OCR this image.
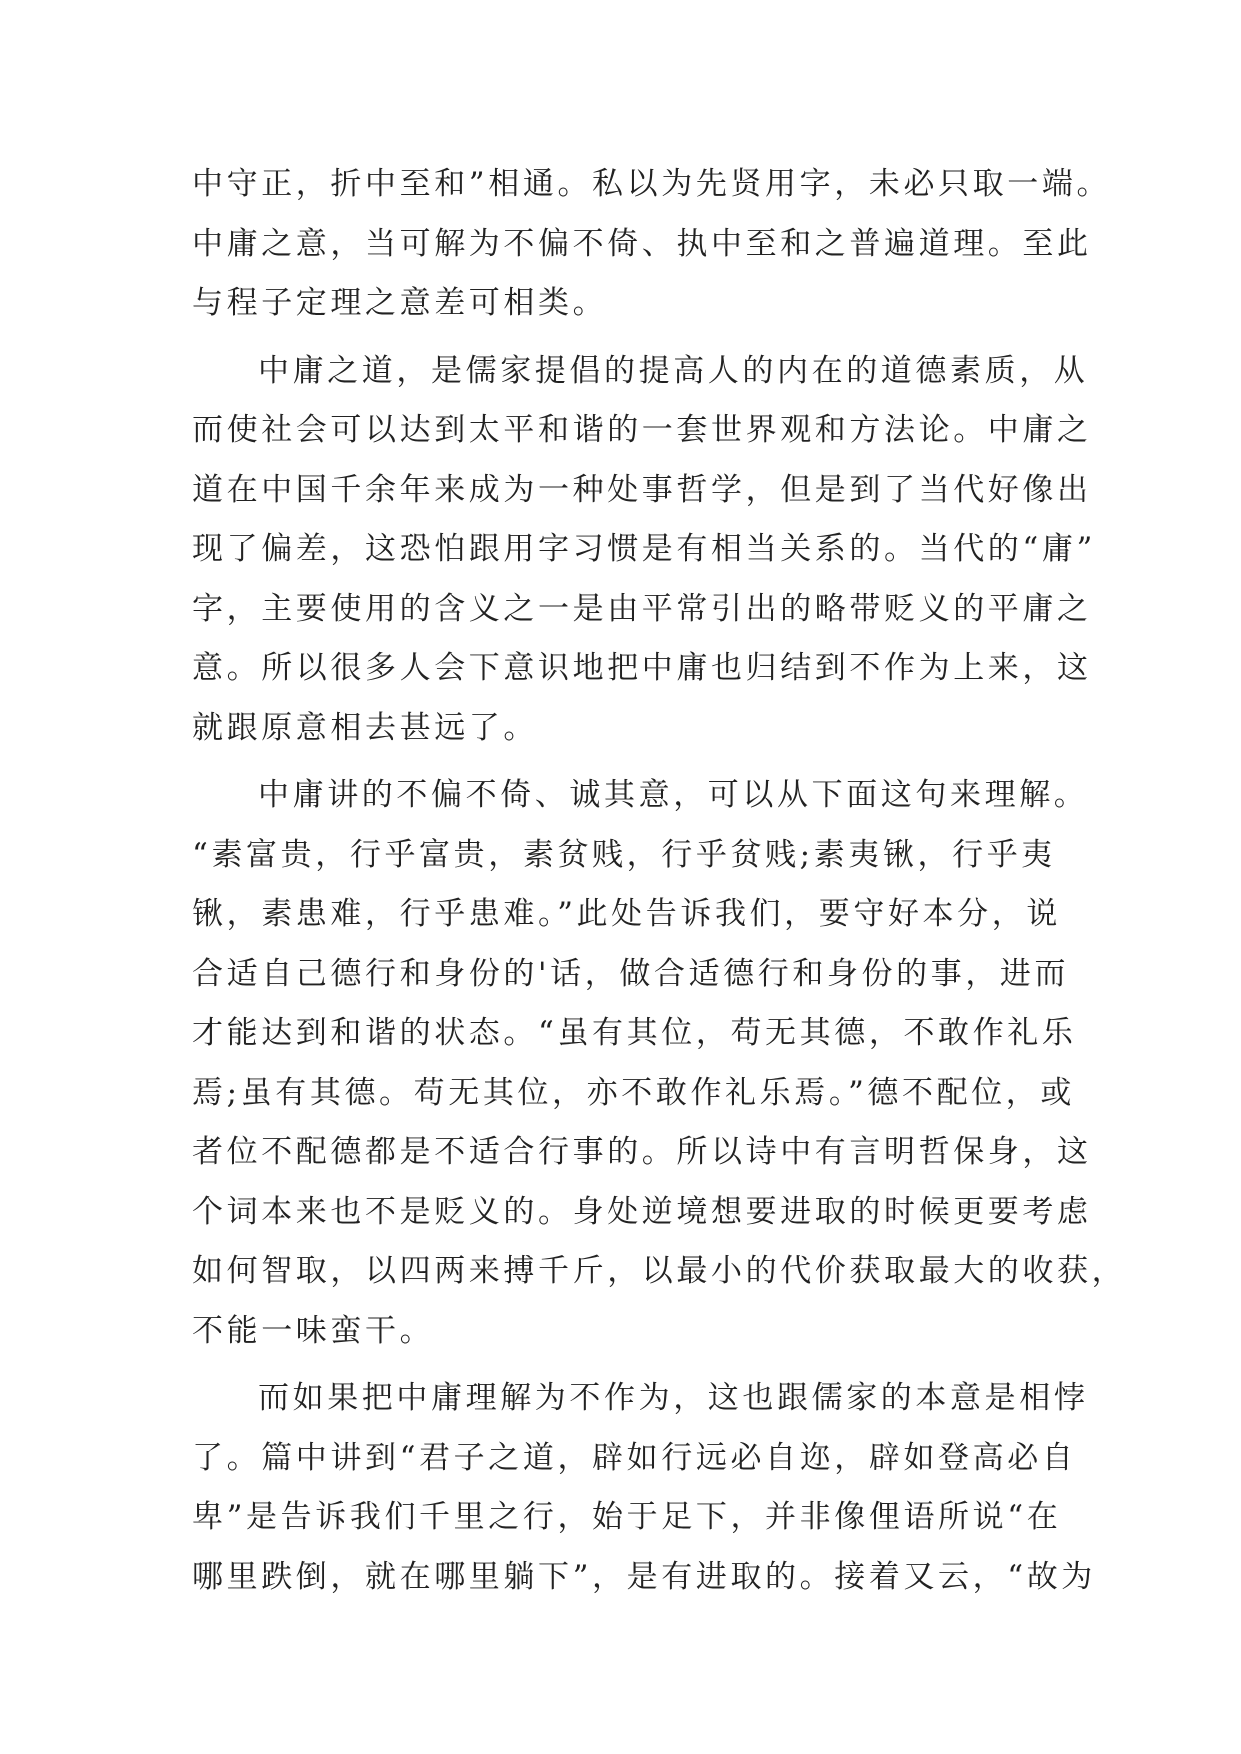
中守正，折中至和”相通。私以为先贤用字，未必只取一端。
中庸之意，当可解为不偏不倚、执中至和之普遍道理。至此
与程子定理之意差可相类。
中庸之道，是儒家提倡的提高人的内在的道德素质，从
而使社会可以达到太平和谐的一套世界观和方法论。中庸之
道在中国千余年来成为一种处事哲学，但是到了当代好像出
现了偏差，这恐怕跟用字习惯是有相当关系的。当代的“庸”
字，主要使用的含义之一是由平常引出的略带贬义的平庸之
意。所以很多人会下意识地把中庸也归结到不作为上来，这
就跟原意相去甚远了。
中庸讲的不偏不倚、诚其意，可以从下面这句来理解。
“素富贵，行乎富贵，素贫贱，行乎贫贱;素夷锹，行乎夷
锹，素患难，行乎患难。”此处告诉我们，要守好本分，说
合适自己德行和身份的'话，做合适德行和身份的事，进而
才能达到和谐的状态。“虽有其位，苟无其德，不敢作礼乐
焉;虽有其德。苟无其位，亦不敢作礼乐焉。”德不配位，或
者位不配德都是不适合行事的。所以诗中有言明哲保身，这
个词本来也不是贬义的。身处逆境想要进取的时候更要考虑
如何智取，以四两来搏千斤，以最小的代价获取最大的收获，
不能一味蛮干。
而如果把中庸理解为不作为，这也跟儒家的本意是相悖
了。篇中讲到“君子之道，辟如行远必自迩，辟如登高必自
卑”是告诉我们千里之行，始于足下，并非像俚语所说“在
哪里跌倒，就在哪里躺下”，是有进取的。接着又云，“故为
